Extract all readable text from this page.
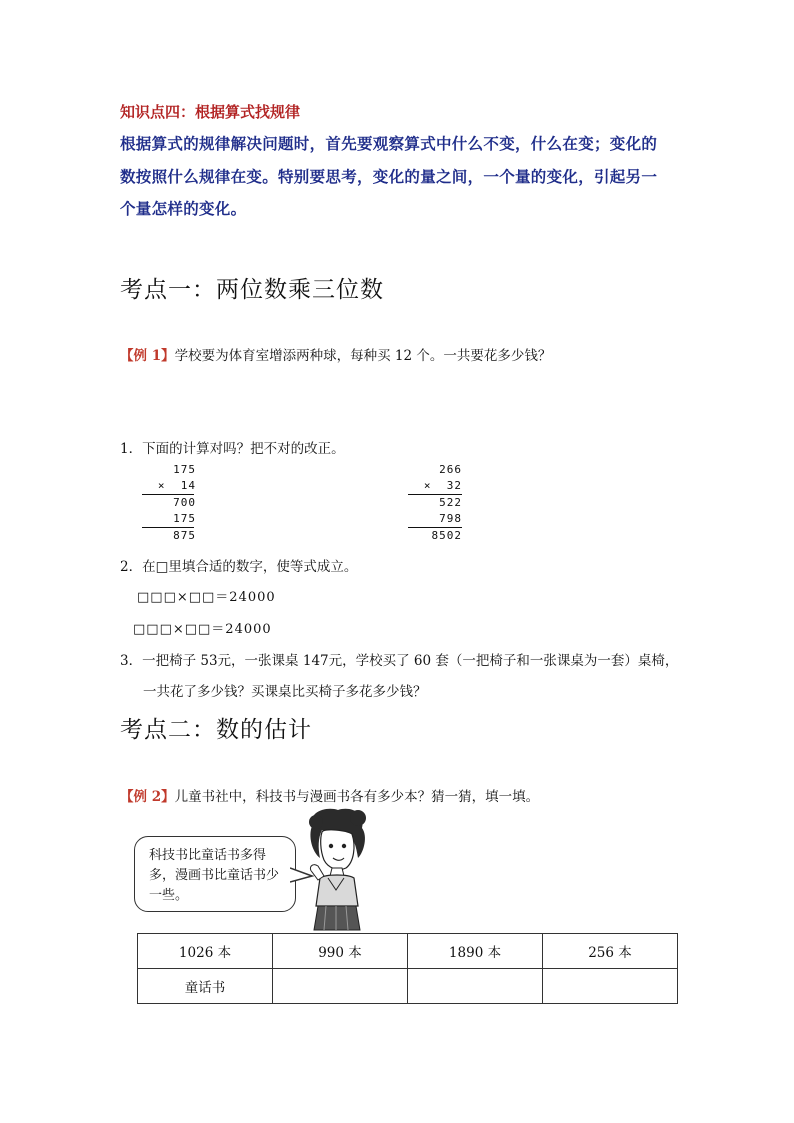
知识点四：根据算式找规律
根据算式的规律解决问题时，首先要观察算式中什么不变，什么在变；变化的
数按照什么规律在变。特别要思考，变化的量之间，一个量的变化，引起另一
个量怎样的变化。
考点一：两位数乘三位数
【例 1】学校要为体育室增添两种球，每种买 12 个。一共要花多少钱？
1．下面的计算对吗？把不对的改正。
175
×  14
700
175
875
266
×  32
522
798
8502
2．在□里填合适的数字，使等式成立。
□□□×□□＝24000
□□□×□□＝24000
3．一把椅子 53元，一张课桌 147元，学校买了 60 套（一把椅子和一张课桌为一套）桌椅，
一共花了多少钱？买课桌比买椅子多花多少钱？
考点二：数的估计
【例 2】儿童书社中，科技书与漫画书各有多少本？猜一猜，填一填。
科技书比童话书多得多，漫画书比童话书少一些。
1026 本	990 本	1890 本	256 本
童话书			
